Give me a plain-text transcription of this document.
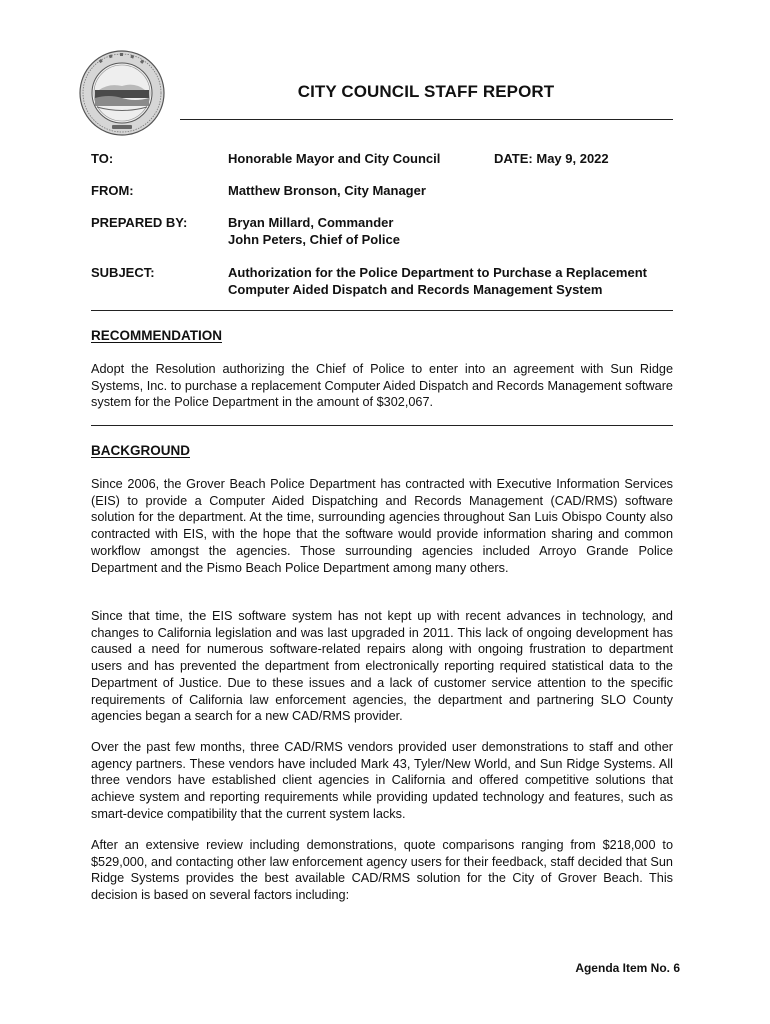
CITY COUNCIL STAFF REPORT
TO:	Honorable Mayor and City Council	DATE: May 9, 2022
FROM:	Matthew Bronson, City Manager
PREPARED BY:	Bryan Millard, Commander
John Peters, Chief of Police
SUBJECT:	Authorization for the Police Department to Purchase a Replacement
Computer Aided Dispatch and Records Management System
RECOMMENDATION

Adopt the Resolution authorizing the Chief of Police to enter into an agreement with Sun Ridge Systems, Inc. to purchase a replacement Computer Aided Dispatch and Records Management software system for the Police Department in the amount of $302,067.

BACKGROUND

Since 2006, the Grover Beach Police Department has contracted with Executive Information Services (EIS) to provide a Computer Aided Dispatching and Records Management (CAD/RMS) software solution for the department. At the time, surrounding agencies throughout San Luis Obispo County also contracted with EIS, with the hope that the software would provide information sharing and common workflow amongst the agencies. Those surrounding agencies included Arroyo Grande Police Department and the Pismo Beach Police Department among many others.

Since that time, the EIS software system has not kept up with recent advances in technology, and changes to California legislation and was last upgraded in 2011. This lack of ongoing development has caused a need for numerous software-related repairs along with ongoing frustration to department users and has prevented the department from electronically reporting required statistical data to the Department of Justice. Due to these issues and a lack of customer service attention to the specific requirements of California law enforcement agencies, the department and partnering SLO County agencies began a search for a new CAD/RMS provider.

Over the past few months, three CAD/RMS vendors provided user demonstrations to staff and other agency partners. These vendors have included Mark 43, Tyler/New World, and Sun Ridge Systems. All three vendors have established client agencies in California and offered competitive solutions that achieve system and reporting requirements while providing updated technology and features, such as smart-device compatibility that the current system lacks.

After an extensive review including demonstrations, quote comparisons ranging from $218,000 to $529,000, and contacting other law enforcement agency users for their feedback, staff decided that Sun Ridge Systems provides the best available CAD/RMS solution for the City of Grover Beach. This decision is based on several factors including:

Agenda Item No. 6
